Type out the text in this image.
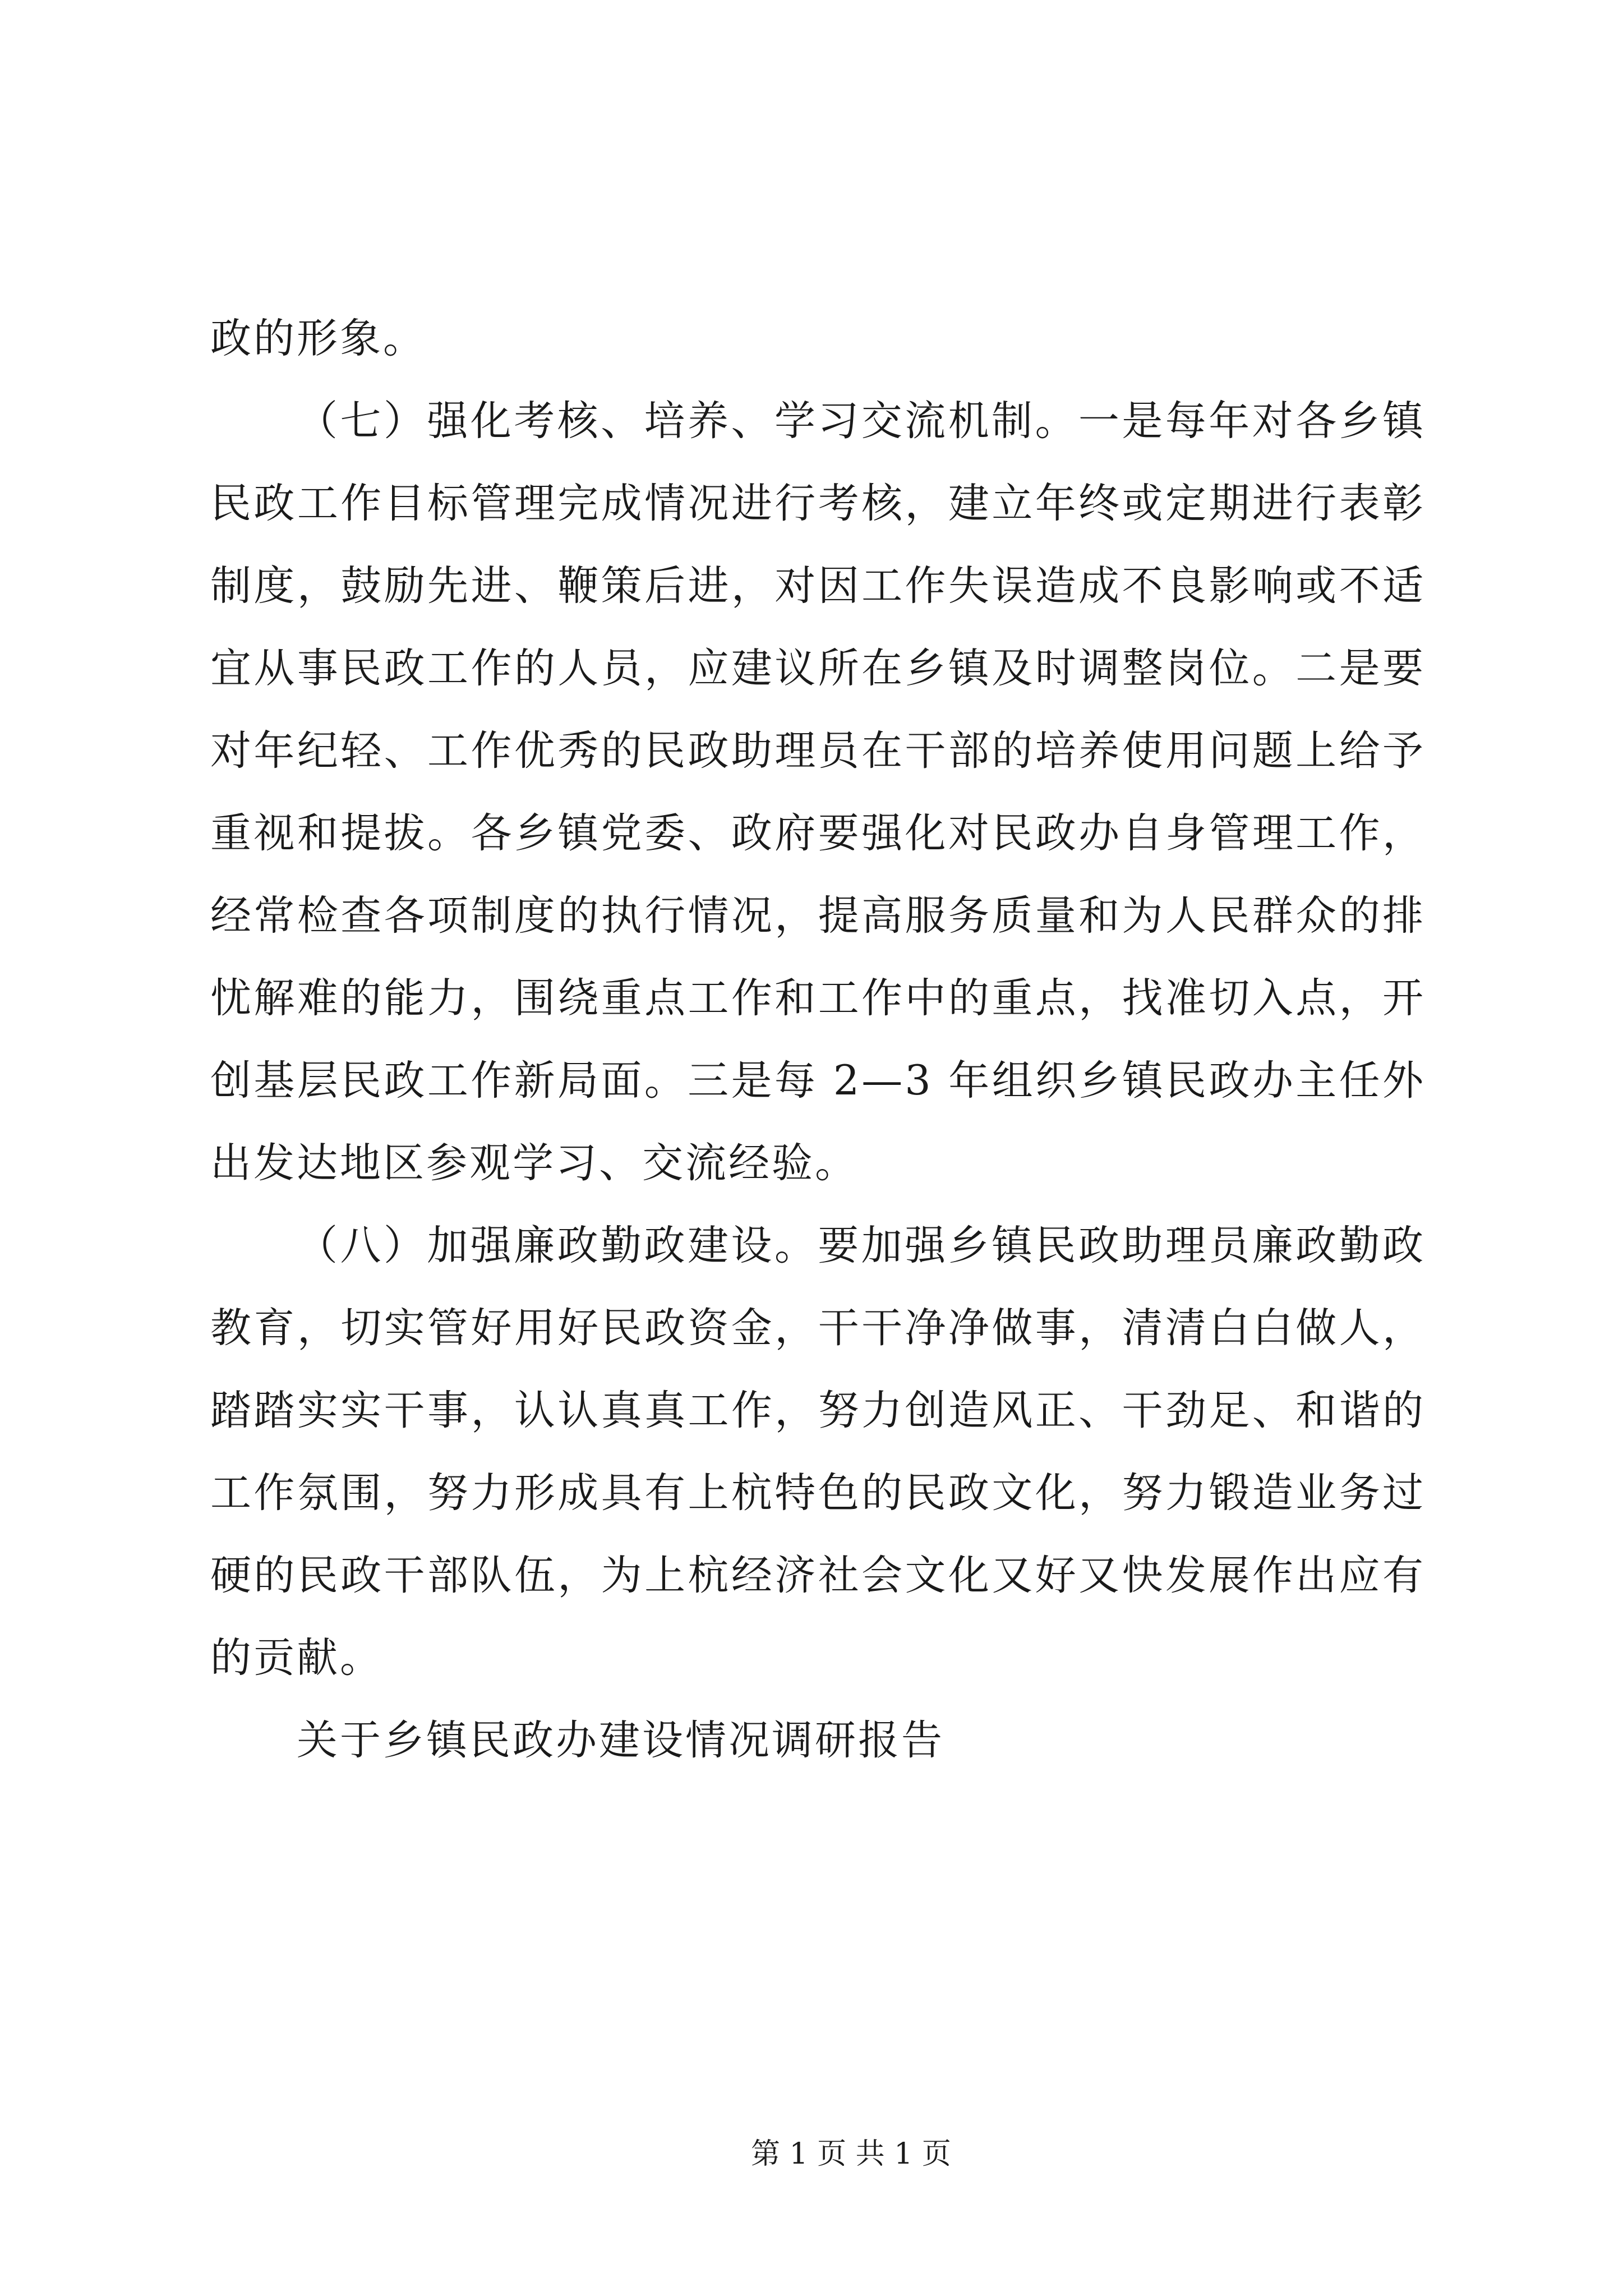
政的形象。
（七）强化考核、培养、学习交流机制。一是每年对各乡镇
民政工作目标管理完成情况进行考核，建立年终或定期进行表彰
制度，鼓励先进、鞭策后进，对因工作失误造成不良影响或不适
宜从事民政工作的人员，应建议所在乡镇及时调整岗位。二是要
对年纪轻、工作优秀的民政助理员在干部的培养使用问题上给予
重视和提拔。各乡镇党委、政府要强化对民政办自身管理工作，
经常检查各项制度的执行情况，提高服务质量和为人民群众的排
忧解难的能力，围绕重点工作和工作中的重点，找准切入点，开
创基层民政工作新局面。三是每 2—3 年组织乡镇民政办主任外
出发达地区参观学习、交流经验。
（八）加强廉政勤政建设。要加强乡镇民政助理员廉政勤政
教育，切实管好用好民政资金，干干净净做事，清清白白做人，
踏踏实实干事，认认真真工作，努力创造风正、干劲足、和谐的
工作氛围，努力形成具有上杭特色的民政文化，努力锻造业务过
硬的民政干部队伍，为上杭经济社会文化又好又快发展作出应有
的贡献。
关于乡镇民政办建设情况调研报告
第 1 页 共 1 页
